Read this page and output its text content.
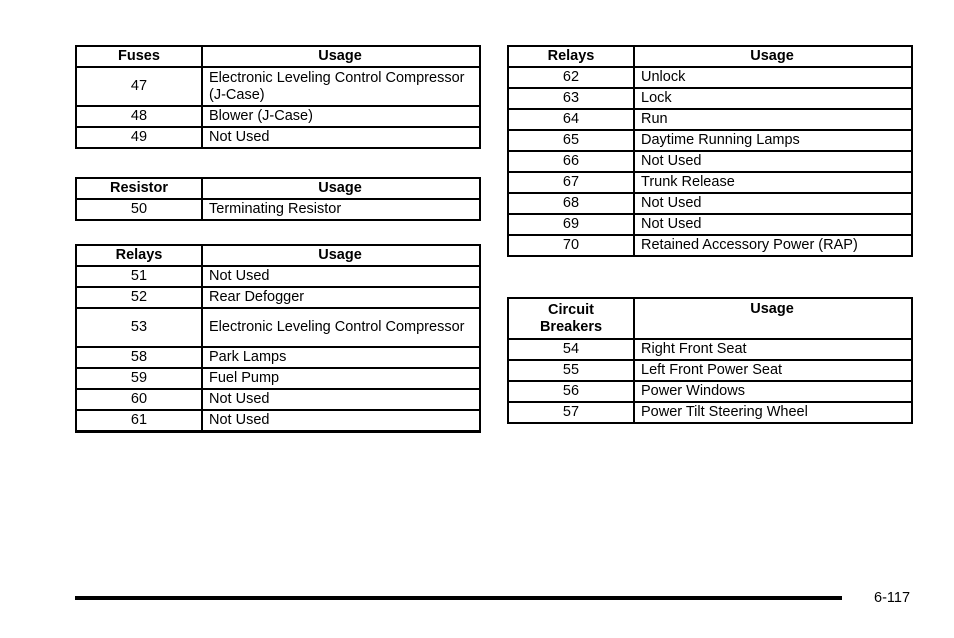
Fuses	Usage
47	Electronic Leveling Control Compressor (J-Case)
48	Blower (J-Case)
49	Not Used
Resistor	Usage
50	Terminating Resistor
Relays	Usage
51	Not Used
52	Rear Defogger
53	Electronic Leveling Control Compressor
58	Park Lamps
59	Fuel Pump
60	Not Used
61	Not Used
Relays	Usage
62	Unlock
63	Lock
64	Run
65	Daytime Running Lamps
66	Not Used
67	Trunk Release
68	Not Used
69	Not Used
70	Retained Accessory Power (RAP)
Circuit Breakers	Usage
54	Right Front Seat
55	Left Front Power Seat
56	Power Windows
57	Power Tilt Steering Wheel
6-117
